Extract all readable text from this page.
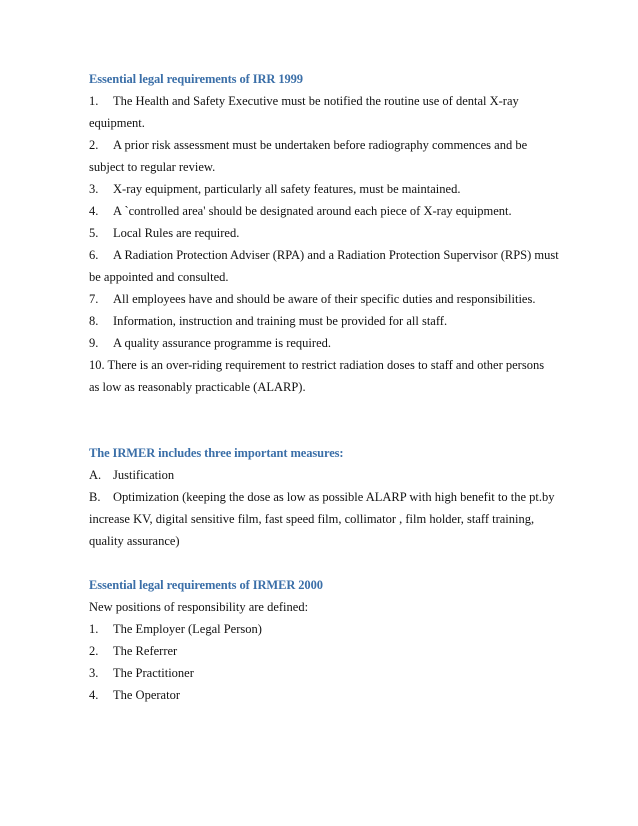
Essential legal requirements of IRR 1999

1. The Health and Safety Executive must be notified the routine use of dental X-ray

equipment.

2. A prior risk assessment must be undertaken before radiography commences and be

subject to regular review.

3. X-ray equipment, particularly all safety features, must be maintained.

4. A `controlled area' should be designated around each piece of X-ray equipment.

5. Local Rules are required.

6. A Radiation Protection Adviser (RPA) and a Radiation Protection Supervisor (RPS) must

be appointed and consulted.

7. All employees have and should be aware of their specific duties and responsibilities.

8. Information, instruction and training must be provided for all staff.

9. A quality assurance programme is required.

10. There is an over-riding requirement to restrict radiation doses to staff and other persons

as low as reasonably practicable (ALARP).

The IRMER includes three important measures:

A. Justification

B. Optimization (keeping the dose as low as possible ALARP with high benefit to the pt.by

increase KV, digital sensitive film, fast speed film, collimator , film holder, staff training,

quality assurance)

Essential legal requirements of IRMER 2000

New positions of responsibility are defined:

1. The Employer (Legal Person)

2. The Referrer

3. The Practitioner

4. The Operator
